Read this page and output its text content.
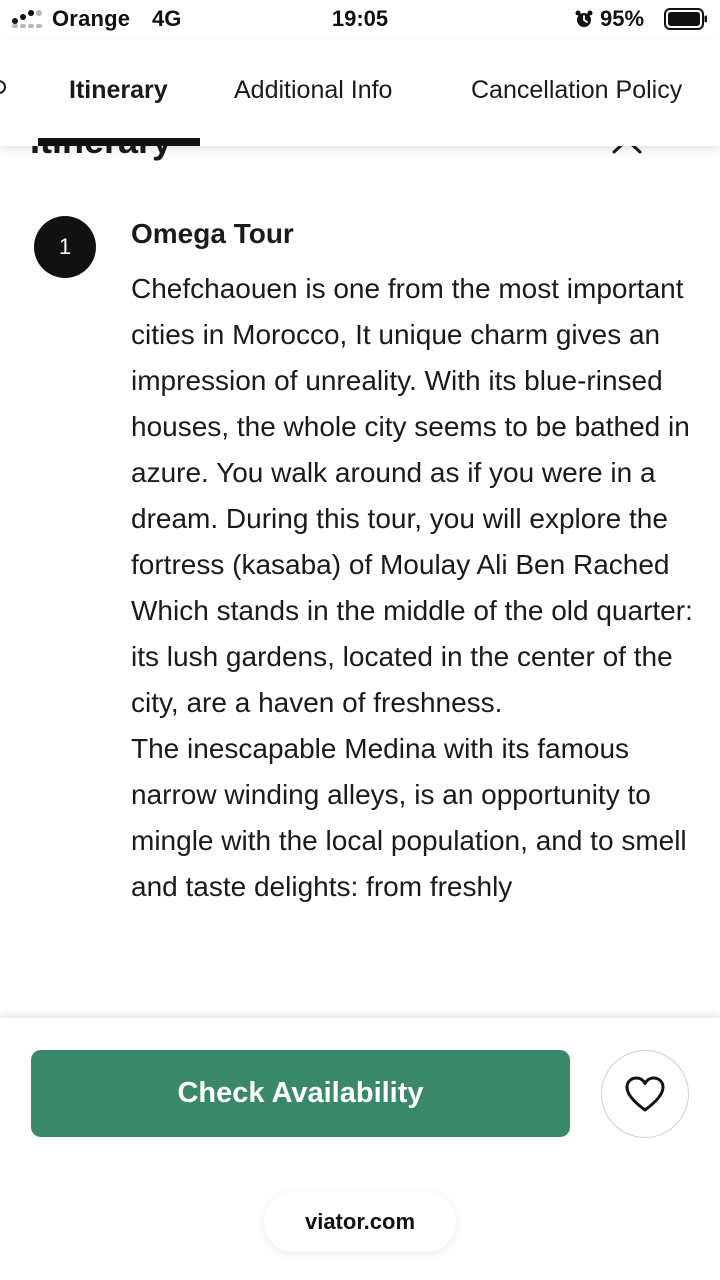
Orange 4G	19:05	95%
Itinerary	Additional Info	Cancellation Policy
1	Omega Tour

Chefchaouen is one from the most important cities in Morocco, It unique charm gives an impression of unreality. With its blue-rinsed houses, the whole city seems to be bathed in azure. You walk around as if you were in a dream. During this tour, you will explore the fortress (kasaba) of Moulay Ali Ben Rached Which stands in the middle of the old quarter: its lush gardens, located in the center of the city, are a haven of freshness.

The inescapable Medina with its famous narrow winding alleys, is an opportunity to mingle with the local population, and to smell and taste delights: from freshly

Check Availability
viator.com
